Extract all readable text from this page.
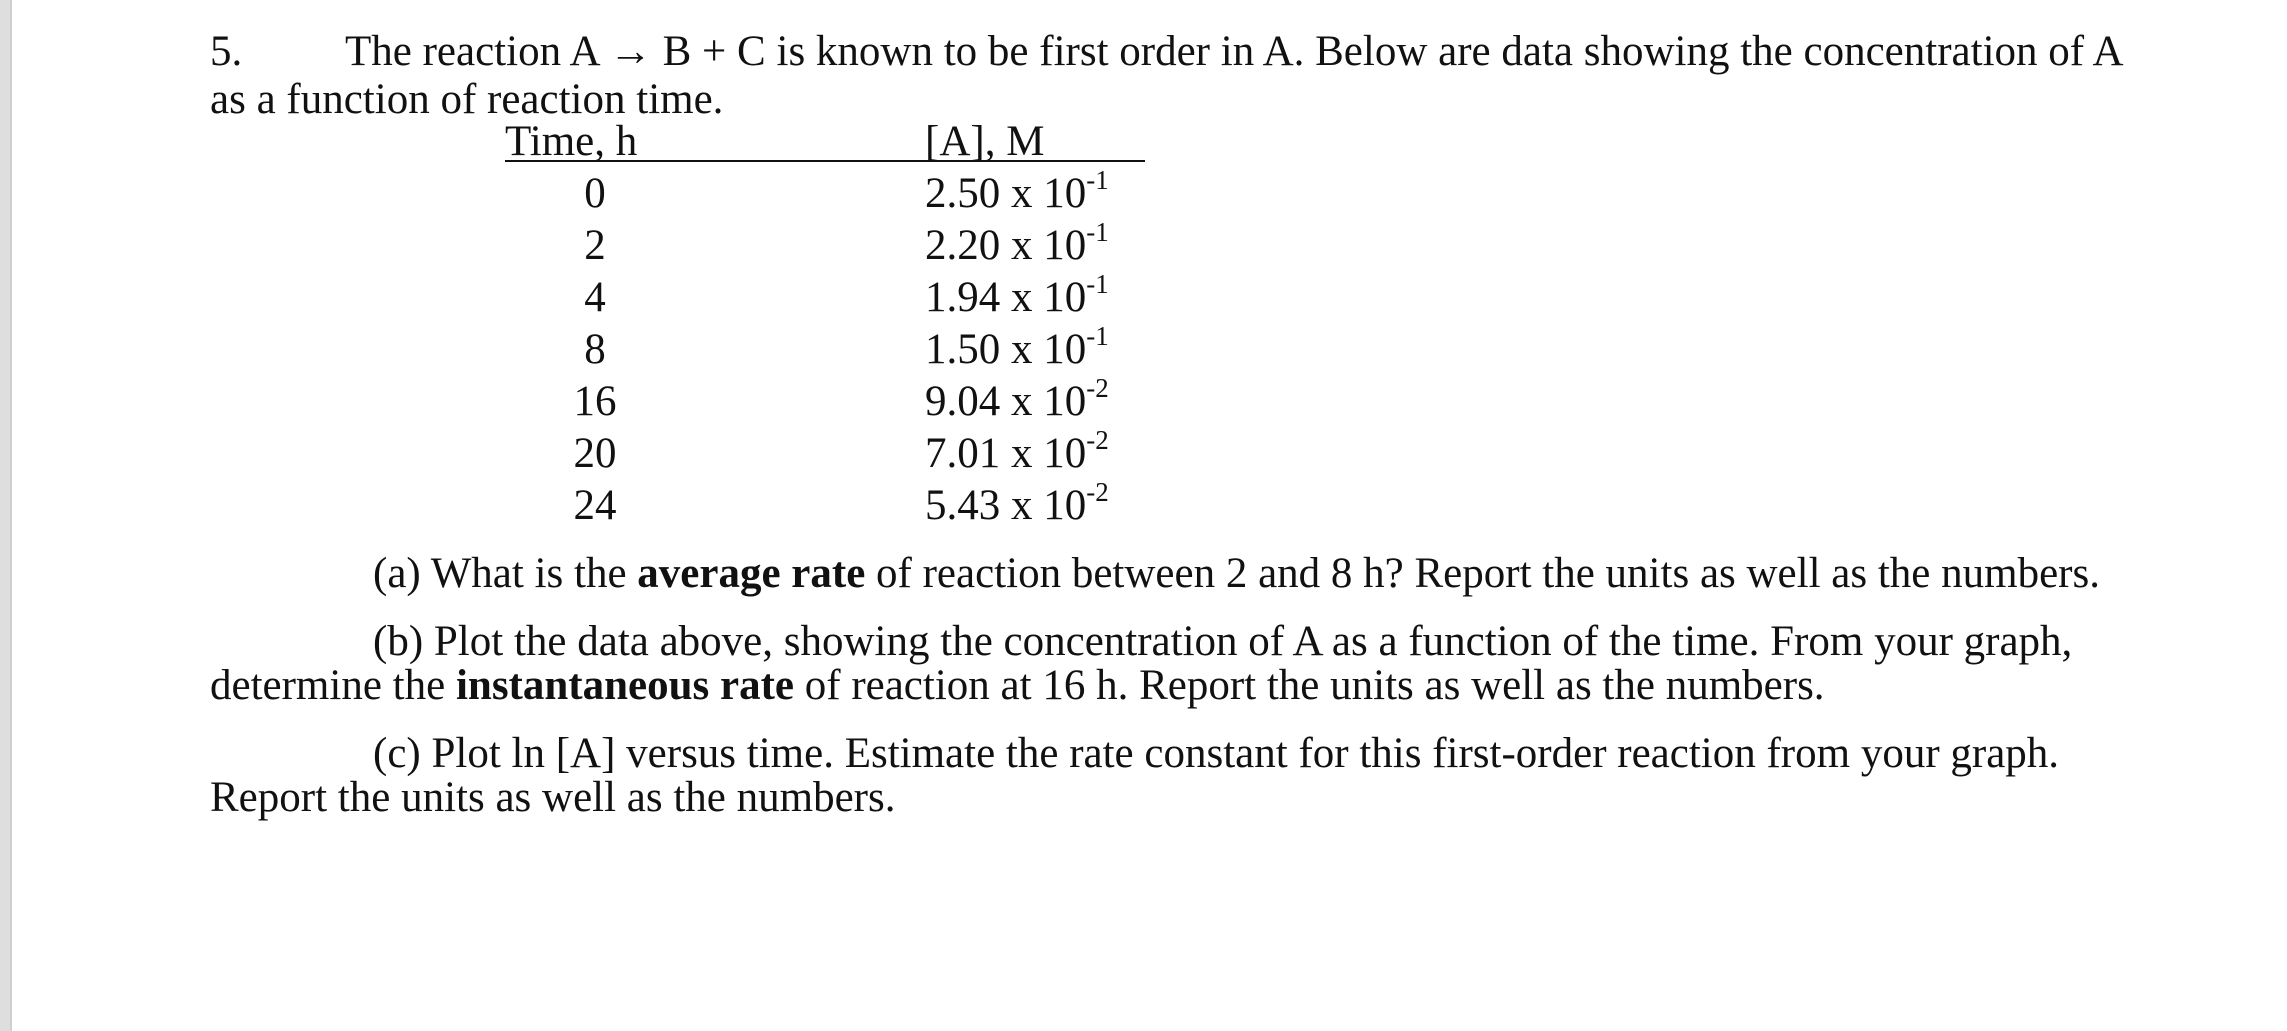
5. The reaction A → B + C is known to be first order in A. Below are data showing the concentration of A
as a function of reaction time.
Time, h	[A], M
0	2.50 x $10^{-1}$
2	2.20 x $10^{-1}$
4	1.94 x $10^{-1}$
8	1.50 x $10^{-1}$
16	9.04 x $10^{-2}$
20	7.01 x $10^{-2}$
24	5.43 x $10^{-2}$
(a) What is the average rate of reaction between 2 and 8 h? Report the units as well as the numbers.
(b) Plot the data above, showing the concentration of A as a function of the time. From your graph,
determine the instantaneous rate of reaction at 16 h. Report the units as well as the numbers.
(c) Plot ln [A] versus time. Estimate the rate constant for this first-order reaction from your graph.
Report the units as well as the numbers.
